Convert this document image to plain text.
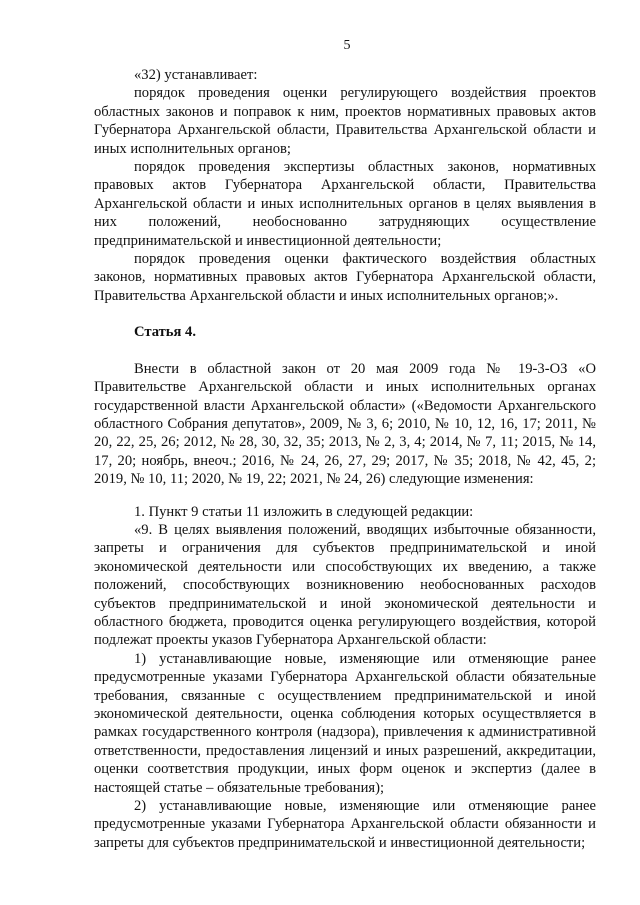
5

«32) устанавливает:

порядок проведения оценки регулирующего воздействия проектов областных законов и поправок к ним, проектов нормативных правовых актов Губернатора Архангельской области, Правительства Архангельской области и иных исполнительных органов;

порядок проведения экспертизы областных законов, нормативных правовых актов Губернатора Архангельской области, Правительства Архангельской области и иных исполнительных органов в целях выявления в них положений, необоснованно затрудняющих осуществление предпринимательской и инвестиционной деятельности;

порядок проведения оценки фактического воздействия областных законов, нормативных правовых актов Губернатора Архангельской области, Правительства Архангельской области и иных исполнительных органов;».

Статья 4.

Внести в областной закон от 20 мая 2009 года № 19-3-ОЗ «О Правительстве Архангельской области и иных исполнительных органах государственной власти Архангельской области» («Ведомости Архангельского областного Собрания депутатов», 2009, № 3, 6; 2010, № 10, 12, 16, 17; 2011, № 20, 22, 25, 26; 2012, № 28, 30, 32, 35; 2013, № 2, 3, 4; 2014, № 7, 11; 2015, № 14, 17, 20; ноябрь, внеоч.; 2016, № 24, 26, 27, 29; 2017, № 35; 2018, № 42, 45, 2; 2019, № 10, 11; 2020, № 19, 22; 2021, № 24, 26) следующие изменения:

1. Пункт 9 статьи 11 изложить в следующей редакции:

«9. В целях выявления положений, вводящих избыточные обязанности, запреты и ограничения для субъектов предпринимательской и иной экономической деятельности или способствующих их введению, а также положений, способствующих возникновению необоснованных расходов субъектов предпринимательской и иной экономической деятельности и областного бюджета, проводится оценка регулирующего воздействия, которой подлежат проекты указов Губернатора Архангельской области:

1) устанавливающие новые, изменяющие или отменяющие ранее предусмотренные указами Губернатора Архангельской области обязательные требования, связанные с осуществлением предпринимательской и иной экономической деятельности, оценка соблюдения которых осуществляется в рамках государственного контроля (надзора), привлечения к административной ответственности, предоставления лицензий и иных разрешений, аккредитации, оценки соответствия продукции, иных форм оценок и экспертиз (далее в настоящей статье – обязательные требования);

2) устанавливающие новые, изменяющие или отменяющие ранее предусмотренные указами Губернатора Архангельской области обязанности и запреты для субъектов предпринимательской и инвестиционной деятельности;
